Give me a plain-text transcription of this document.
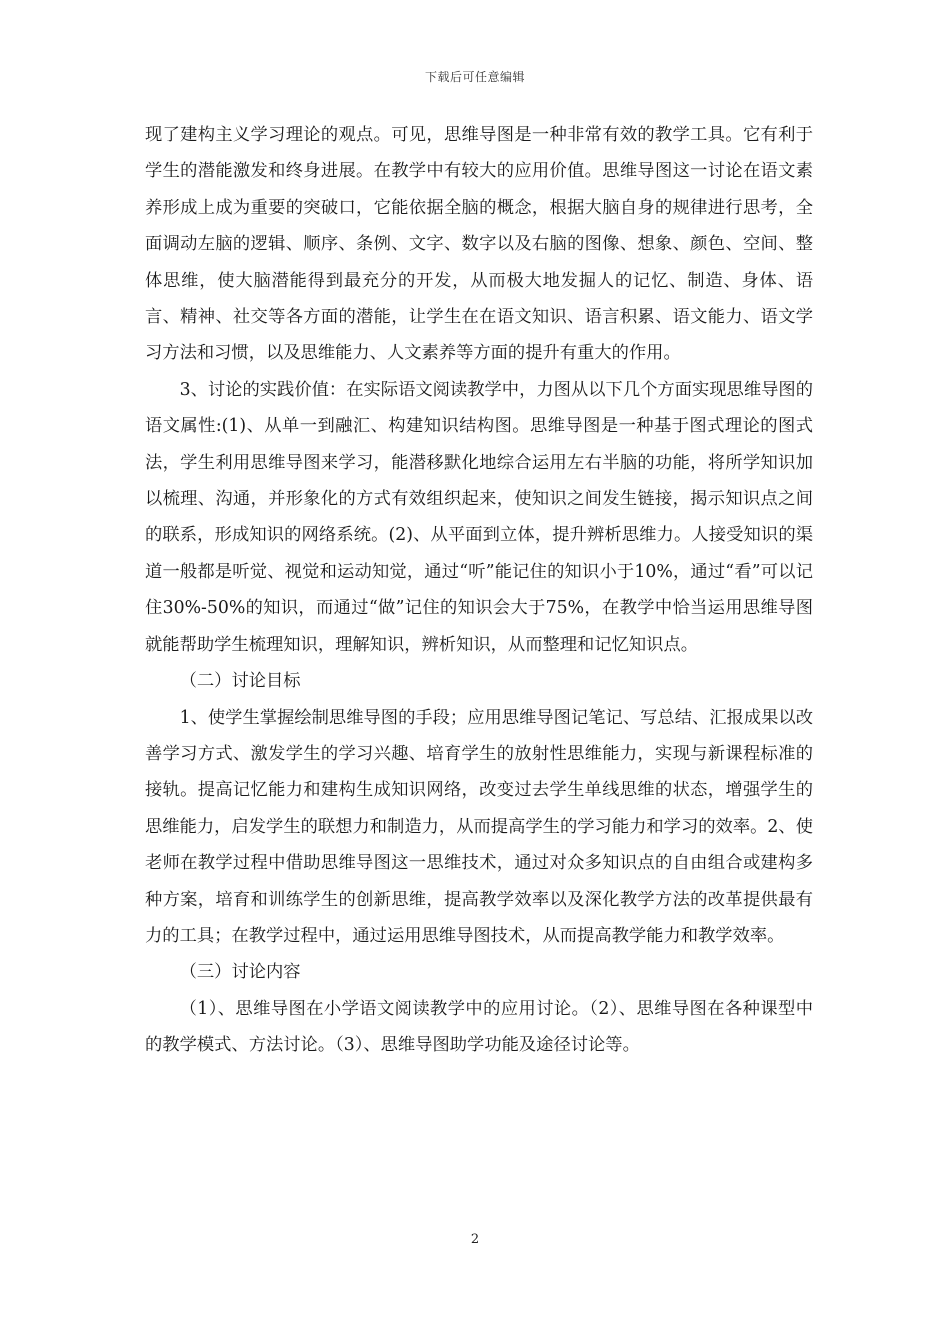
下载后可任意编辑

现了建构主义学习理论的观点。可见，思维导图是一种非常有效的教学工具。它有利于学生的潜能激发和终身进展。在教学中有较大的应用价值。思维导图这一讨论在语文素养形成上成为重要的突破口，它能依据全脑的概念，根据大脑自身的规律进行思考，全面调动左脑的逻辑、顺序、条例、文字、数字以及右脑的图像、想象、颜色、空间、整体思维，使大脑潜能得到最充分的开发，从而极大地发掘人的记忆、制造、身体、语言、精神、社交等各方面的潜能，让学生在在语文知识、语言积累、语文能力、语文学习方法和习惯，以及思维能力、人文素养等方面的提升有重大的作用。

3、讨论的实践价值：在实际语文阅读教学中，力图从以下几个方面实现思维导图的语文属性:(1)、从单一到融汇、构建知识结构图。思维导图是一种基于图式理论的图式法，学生利用思维导图来学习，能潜移默化地综合运用左右半脑的功能，将所学知识加以梳理、沟通，并形象化的方式有效组织起来，使知识之间发生链接，揭示知识点之间的联系，形成知识的网络系统。(2)、从平面到立体，提升辨析思维力。人接受知识的渠道一般都是听觉、视觉和运动知觉，通过“听”能记住的知识小于10%，通过“看”可以记住30%-50%的知识，而通过“做”记住的知识会大于75%，在教学中恰当运用思维导图就能帮助学生梳理知识，理解知识，辨析知识，从而整理和记忆知识点。

（二）讨论目标

1、使学生掌握绘制思维导图的手段；应用思维导图记笔记、写总结、汇报成果以改善学习方式、激发学生的学习兴趣、培育学生的放射性思维能力，实现与新课程标准的接轨。提高记忆能力和建构生成知识网络，改变过去学生单线思维的状态，增强学生的思维能力，启发学生的联想力和制造力，从而提高学生的学习能力和学习的效率。2、使老师在教学过程中借助思维导图这一思维技术，通过对众多知识点的自由组合或建构多种方案，培育和训练学生的创新思维，提高教学效率以及深化教学方法的改革提供最有力的工具；在教学过程中，通过运用思维导图技术，从而提高教学能力和教学效率。

（三）讨论内容

（1）、思维导图在小学语文阅读教学中的应用讨论。（2）、思维导图在各种课型中的教学模式、方法讨论。（3）、思维导图助学功能及途径讨论等。

2
